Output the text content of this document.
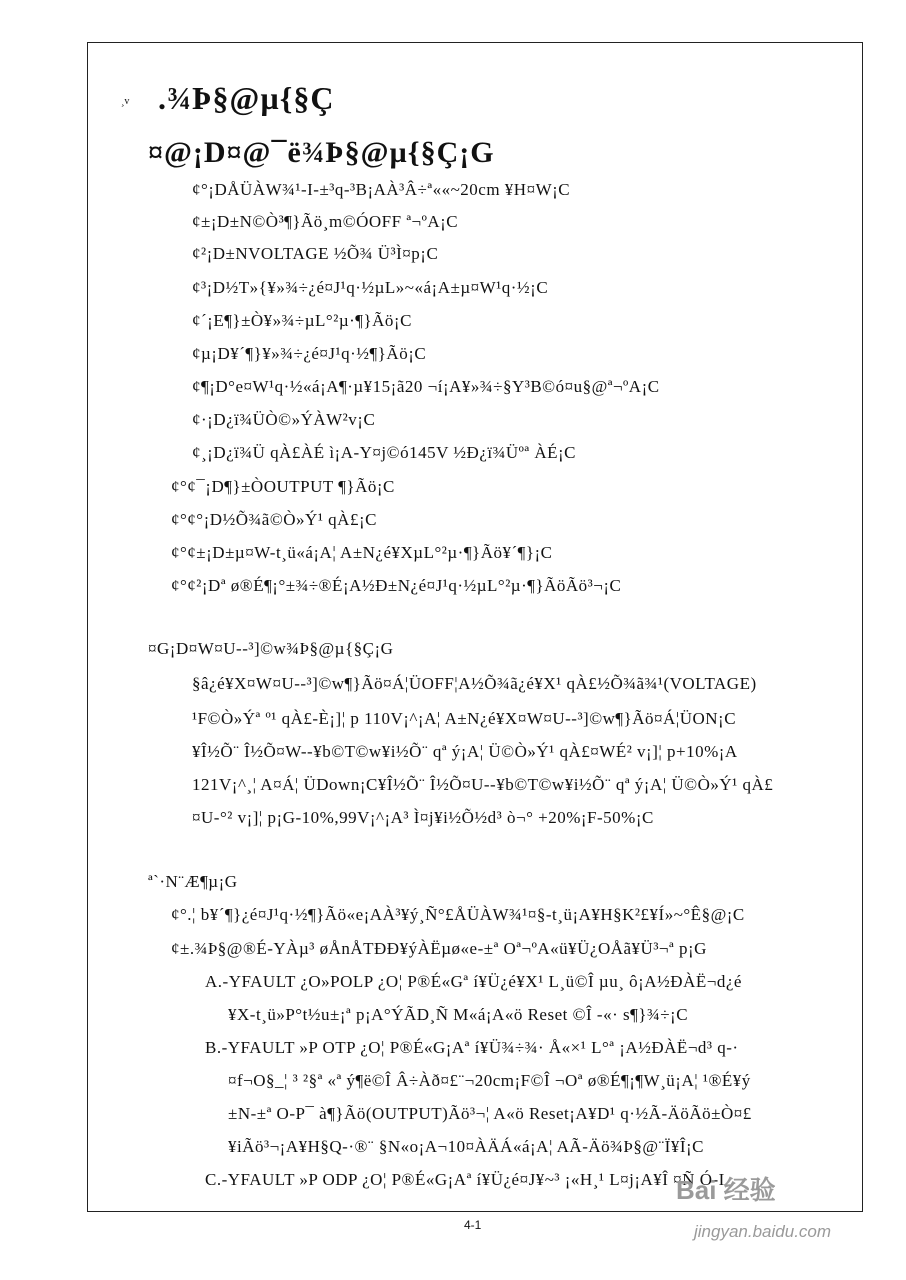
¸v .¾Þ§@µ{§Ç
¤@¡D¤@¯ë¾Þ§@µ{§Ç¡G
¢°¡DÅÜÀW¾¹-I-±³q-³B¡AÀ³Â÷ª««~20cm ¥H¤W¡C
¢±¡D±N©Ò³¶}Ãö¸m©ÓOFF ª¬ºA¡C
¢²¡D±NVOLTAGE ½Õ¾ Ü³Ì¤p¡C
¢³¡D½T»{¥»¾÷¿é¤J¹q·½µL»~«á¡A±µ¤W¹q·½¡C
¢´¡E¶}±Ò¥»¾÷µL°²µ·¶}Ãö¡C
¢µ¡D¥´¶}¥»¾÷¿é¤J¹q·½¶}Ãö¡C
¢¶¡D°e¤W¹q·½«á¡A¶·µ¥15¡ã20 ¬í¡A¥»¾÷§Y³B©ó¤u§@ª¬ºA¡C
¢·¡D¿ï¾ÜÒ©»ÝÀW²v¡C
¢¸¡D¿ï¾Ü qÀ£ÀÉ ì¡A-Y¤j©ó145V ½Ð¿ï¾Üºª ÀÉ¡C
¢°¢¯¡D¶}±ÒOUTPUT ¶}Ãö¡C
¢°¢°¡D½Õ¾ã©Ò»Ý¹ qÀ£¡C
¢°¢±¡D±µ¤W-t¸ü«á¡A¦ A±N¿é¥XµL°²µ·¶}Ãö¥´¶}¡C
¢°¢²¡Dª ø®É¶¡°±¾÷®É¡A½Ð±N¿é¤J¹q·½µL°²µ·¶}ÃöÃö³¬¡C
¤G¡D¤W¤U--³]©w¾Þ§@µ{§Ç¡G
§â¿é¥X¤W¤U--³]©w¶}Ãö¤Á¦ÜOFF¦A½Õ¾ã¿é¥X¹ qÀ£½Õ¾ã¾¹(VOLTAGE)
¹F©Ò»Ýª º¹ qÀ£-È¡]¦ p 110V¡^¡A¦ A±N¿é¥X¤W¤U--³]©w¶}Ãö¤Á¦ÜON¡C
¥Î½Õ¨ Î½Õ¤W--¥b©T©w¥i½Õ¨ qª ý¡A¦ Ü©Ò»Ý¹ qÀ£¤WÉ² v¡]¦ p+10%¡A
121V¡^¸¦ A¤Á¦ ÜDown¡C¥Î½Õ¨ Î½Õ¤U--¥b©T©w¥i½Õ¨ qª ý¡A¦ Ü©Ò»Ý¹ qÀ£
¤U-°² v¡]¦ p¡G-10%,99V¡^¡A³ Ì¤j¥i½Õ½d³ ò¬° +20%¡F-50%¡C
ª`·N¨Æ¶µ¡G
¢°.¦ b¥´¶}¿é¤J¹q·½¶}Ãö«e¡AÀ³¥ý¸Ñ°£ÅÜÀW¾¹¤§-t¸ü¡A¥H§K²£¥Í»~°Ê§@¡C
¢±.¾Þ§@®É-YÀµ³ øÅnÅTÐÐ¥ýÀËµø«e-±ª Oª¬ºA«ü¥Ü¿OÅã¥Ü³¬ª p¡G
A.-YFAULT ¿O»POLP ¿O¦ P®É«Gª í¥Ü¿é¥X¹ L¸ü©Î µu¸ ô¡A½ÐÀË¬d¿é
¥X-t¸ü»P°t½u±¡ª p¡A°ÝÃD¸Ñ M«á¡A«ö Reset ©Î -«· s¶}¾÷¡C
B.-YFAULT »P OTP ¿O¦ P®É«G¡Aª í¥Ü¾÷¾· Å«×¹ L°ª ¡A½ÐÀË¬d³ q-·
¤f¬O§_¦ ³ ²§ª «ª ý¶ë©Î Â÷Àð¤£¨¬20cm¡F©Î ¬Oª ø®É¶¡¶W¸ü¡A¦ ¹®É¥ý
±N-±ª O-P¯ à¶}Ãö(OUTPUT)Ãö³¬¦ A«ö Reset¡A¥D¹ q·½Ã-ÄöÃö±Ò¤£
¥iÃö³¬¡A¥H§Q-·®¨ §N«o¡A¬10¤ÀÄÁ«á¡A¦ AÃ-Äö¾Þ§@¨Ï¥Î¡C
C.-YFAULT »P ODP ¿O¦ P®É«G¡Aª í¥Ü¿é¤J¥~³ ¡«H¸¹ L¤j¡A¥Î ¤Ñ Ó-I
4-1
Bai 经验
jingyan.baidu.com
